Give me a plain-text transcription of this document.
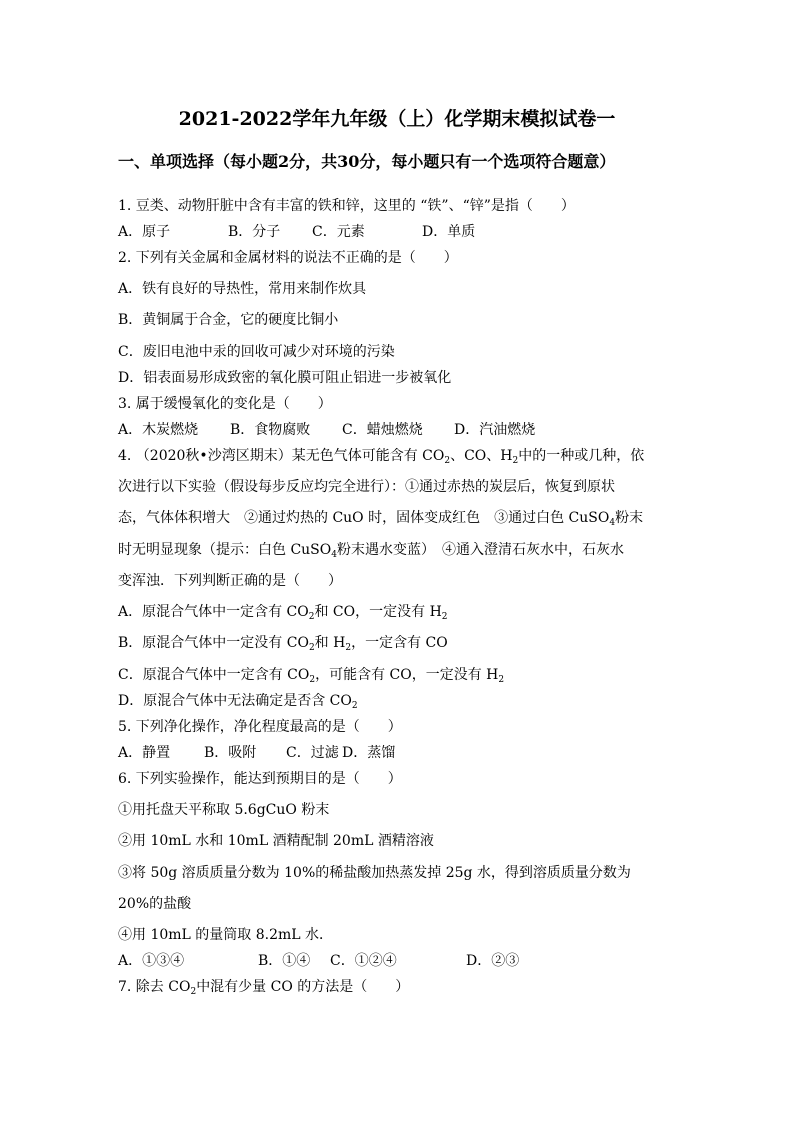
2021-2022学年九年级（上）化学期末模拟试卷一
一、单项选择（每小题2分，共30分，每小题只有一个选项符合题意）
1. 豆类、动物肝脏中含有丰富的铁和锌，这里的 “铁”、“锌”是指（　　）
A．原子	B．分子 C．元素	D．单质
2. 下列有关金属和金属材料的说法不正确的是（　　）
A．铁有良好的导热性，常用来制作炊具
B．黄铜属于合金，它的硬度比铜小
C．废旧电池中汞的回收可减少对环境的污染
D．铝表面易形成致密的氧化膜可阻止铝进一步被氧化
3. 属于缓慢氧化的变化是（　　）
A．木炭燃烧 B．食物腐败 C．蜡烛燃烧 D．汽油燃烧
4. （2020秋•沙湾区期末）某无色气体可能含有 $CO_2$、CO、$H_2$中的一种或几种，依
次进行以下实验（假设每步反应均完全进行）：①通过赤热的炭层后，恢复到原状
态，气体体积增大　②通过灼热的 CuO 时，固体变成红色　③通过白色 CuSO$_4$粉末
时无明显现象（提示：白色 CuSO$_4$粉末遇水变蓝）　④通入澄清石灰水中，石灰水
变浑浊．下列判断正确的是（　　）
A．原混合气体中一定含有 $CO_2$和 CO，一定没有 $H_2$
B．原混合气体中一定没有 $CO_2$和 $H_2$，一定含有 CO
C．原混合气体中一定含有 $CO_2$，可能含有 CO，一定没有 $H_2$
D．原混合气体中无法确定是否含 $CO_2$
5. 下列净化操作，净化程度最高的是（　　）
A．静置 B．吸附 C．过滤 D．蒸馏
6. 下列实验操作，能达到预期目的是（　　）
①用托盘天平称取 5.6gCuO 粉末
②用 10mL 水和 10mL 酒精配制 20mL 酒精溶液
③将 50g 溶质质量分数为 10%的稀盐酸加热蒸发掉 25g 水，得到溶质质量分数为
20%的盐酸
④用 10mL 的量筒取 8.2mL 水．
A．①③④	B．①④ C．①②④	D．②③
7. 除去 $CO_2$中混有少量 CO 的方法是（　　）
